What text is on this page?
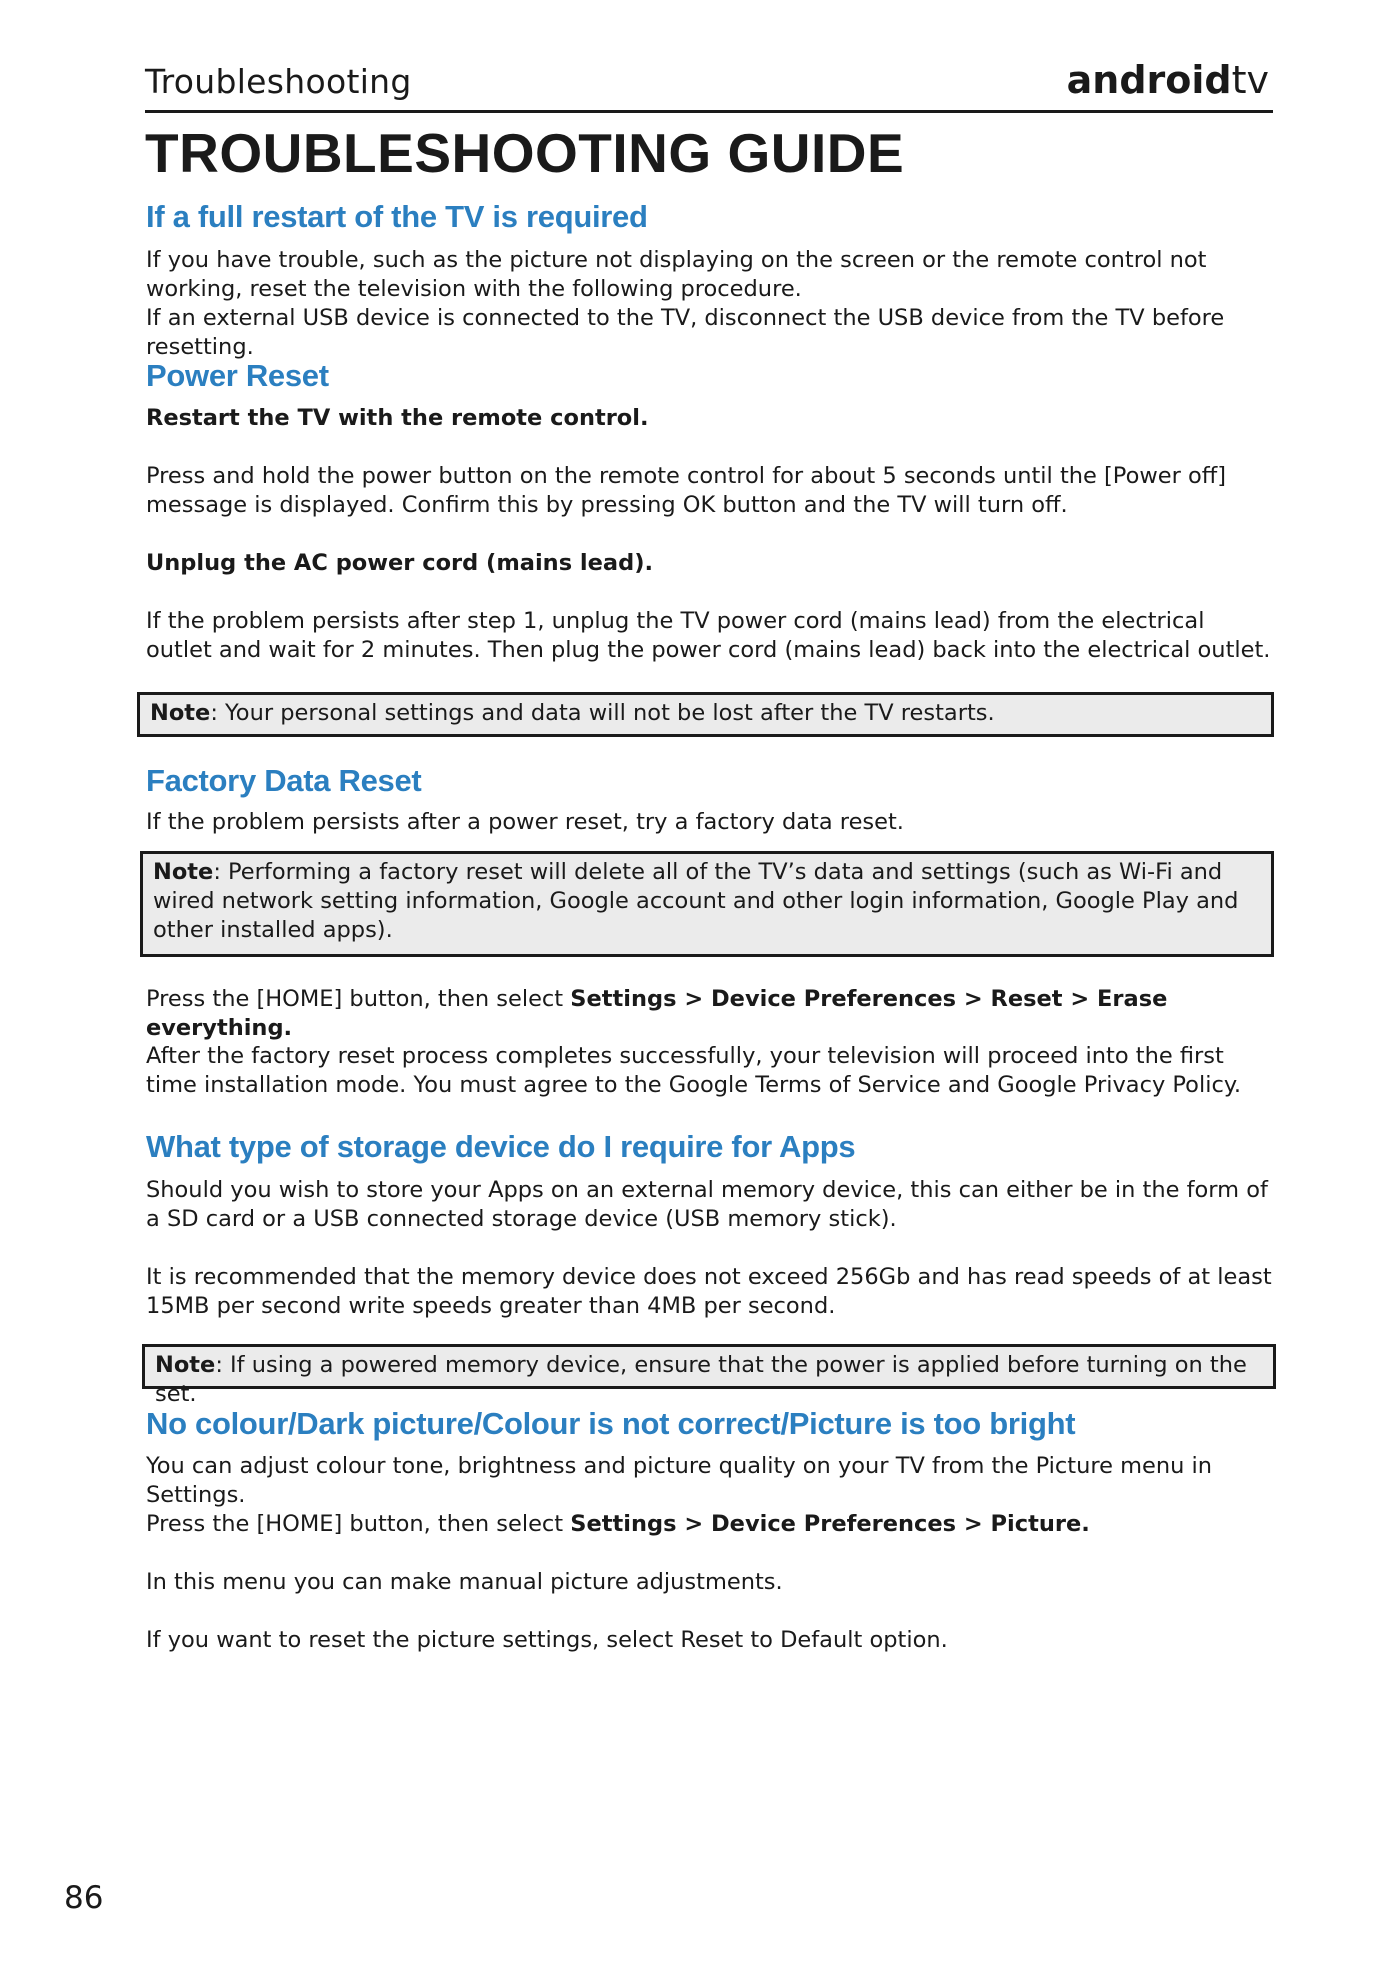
Troubleshooting	androidtv
TROUBLESHOOTING GUIDE
If a full restart of the TV is required

If you have trouble, such as the picture not displaying on the screen or the remote control not working, reset the television with the following procedure.

If an external USB device is connected to the TV, disconnect the USB device from the TV before resetting.

Power Reset

Restart the TV with the remote control.

Press and hold the power button on the remote control for about 5 seconds until the [Power off] message is displayed. Confirm this by pressing OK button and the TV will turn off.

Unplug the AC power cord (mains lead).

If the problem persists after step 1, unplug the TV power cord (mains lead) from the electrical outlet and wait for 2 minutes. Then plug the power cord (mains lead) back into the electrical outlet.

Note: Your personal settings and data will not be lost after the TV restarts.
Factory Data Reset

If the problem persists after a power reset, try a factory data reset.

Note: Performing a factory reset will delete all of the TV’s data and settings (such as Wi-Fi and wired network setting information, Google account and other login information, Google Play and other installed apps).

Press the [HOME] button, then select Settings > Device Preferences > Reset > Erase everything.

After the factory reset process completes successfully, your television will proceed into the first time installation mode. You must agree to the Google Terms of Service and Google Privacy Policy.

What type of storage device do I require for Apps

Should you wish to store your Apps on an external memory device, this can either be in the form of a SD card or a USB connected storage device (USB memory stick).

It is recommended that the memory device does not exceed 256Gb and has read speeds of at least 15MB per second write speeds greater than 4MB per second.

Note: If using a powered memory device, ensure that the power is applied before turning on the set.
No colour/Dark picture/Colour is not correct/Picture is too bright

You can adjust colour tone, brightness and picture quality on your TV from the Picture menu in Settings.

Press the [HOME] button, then select Settings > Device Preferences > Picture.

In this menu you can make manual picture adjustments.

If you want to reset the picture settings, select Reset to Default option.

86
